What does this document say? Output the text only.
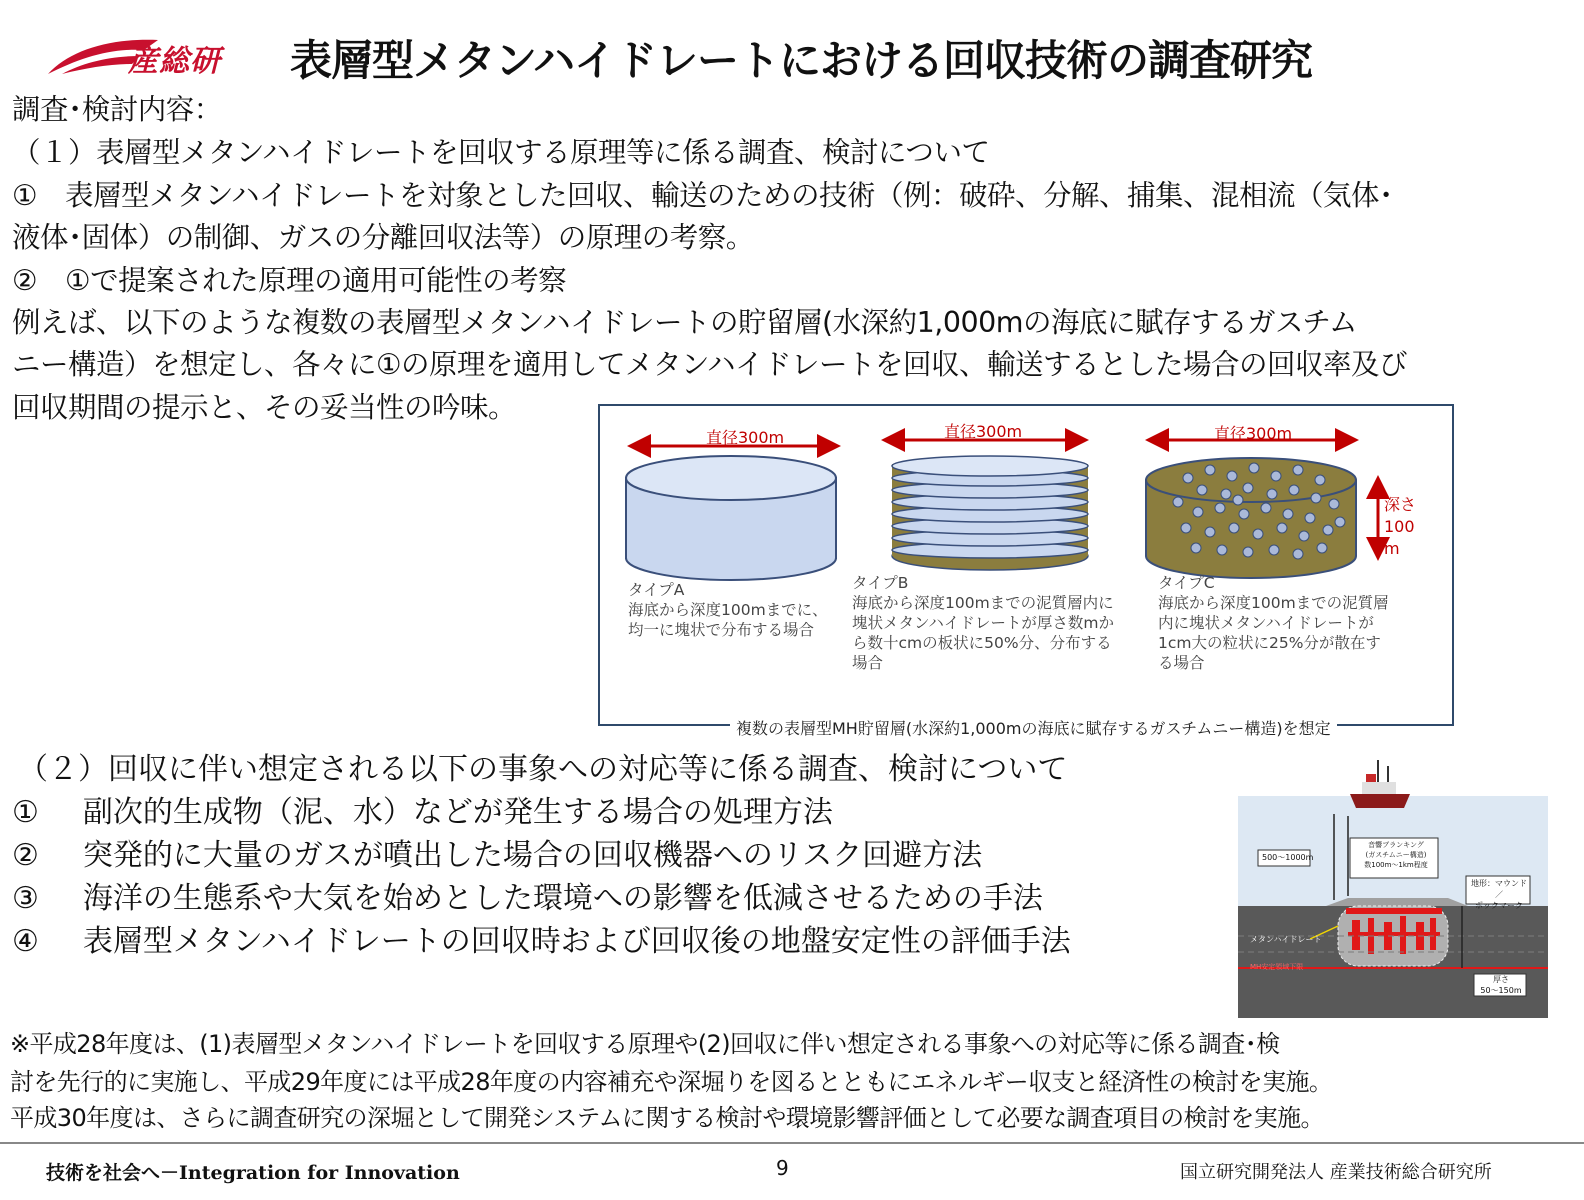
産総研 表層型メタンハイドレートにおける回収技術の調査研究
調査･検討内容：
（１）表層型メタンハイドレートを回収する原理等に係る調査、検討について
①　表層型メタンハイドレートを対象とした回収、輸送のための技術（例：破砕、分解、捕集、混相流（気体･
液体･固体）の制御、ガスの分離回収法等）の原理の考察。
②　①で提案された原理の適用可能性の考察
例えば、以下のような複数の表層型メタンハイドレートの貯留層(水深約1,000mの海底に賦存するガスチム
ニー構造）を想定し、各々に①の原理を適用してメタンハイドレートを回収、輸送するとした場合の回収率及び
回収期間の提示と、その妥当性の吟味。
直径300m	直径300m	直径300m
深さ
100
m
タイプA
海底から深度100mまでに、
均一に塊状で分布する場合
タイプB
海底から深度100mまでの泥質層内に
塊状メタンハイドレートが厚さ数mか
ら数十cmの板状に50%分、分布する
場合
タイプC
海底から深度100mまでの泥質層
内に塊状メタンハイドレートが
1cm大の粒状に25%分が散在す
る場合
複数の表層型MH貯留層(水深約1,000mの海底に賦存するガスチムニー構造)を想定
（２）回収に伴い想定される以下の事象への対応等に係る調査、検討について
① 副次的生成物（泥、水）などが発生する場合の処理方法
② 突発的に大量のガスが噴出した場合の回収機器へのリスク回避方法
③ 海洋の生態系や大気を始めとした環境への影響を低減させるための手法
④ 表層型メタンハイドレートの回収時および回収後の地盤安定性の評価手法
500～1000m
音響ブランキング
(ガスチムニー構造)
数100m～1km程度
地形：マウンド／
ポックマーク
メタンハイドレート
MH安定領域下限
厚さ
50～150m
※平成28年度は、(1)表層型メタンハイドレートを回収する原理や(2)回収に伴い想定される事象への対応等に係る調査･検
討を先行的に実施し、平成29年度には平成28年度の内容補充や深堀りを図るとともにエネルギー収支と経済性の検討を実施。
平成30年度は、さらに調査研究の深堀として開発システムに関する検討や環境影響評価として必要な調査項目の検討を実施。
技術を社会へ－Integration for Innovation	9	国立研究開発法人 産業技術総合研究所
